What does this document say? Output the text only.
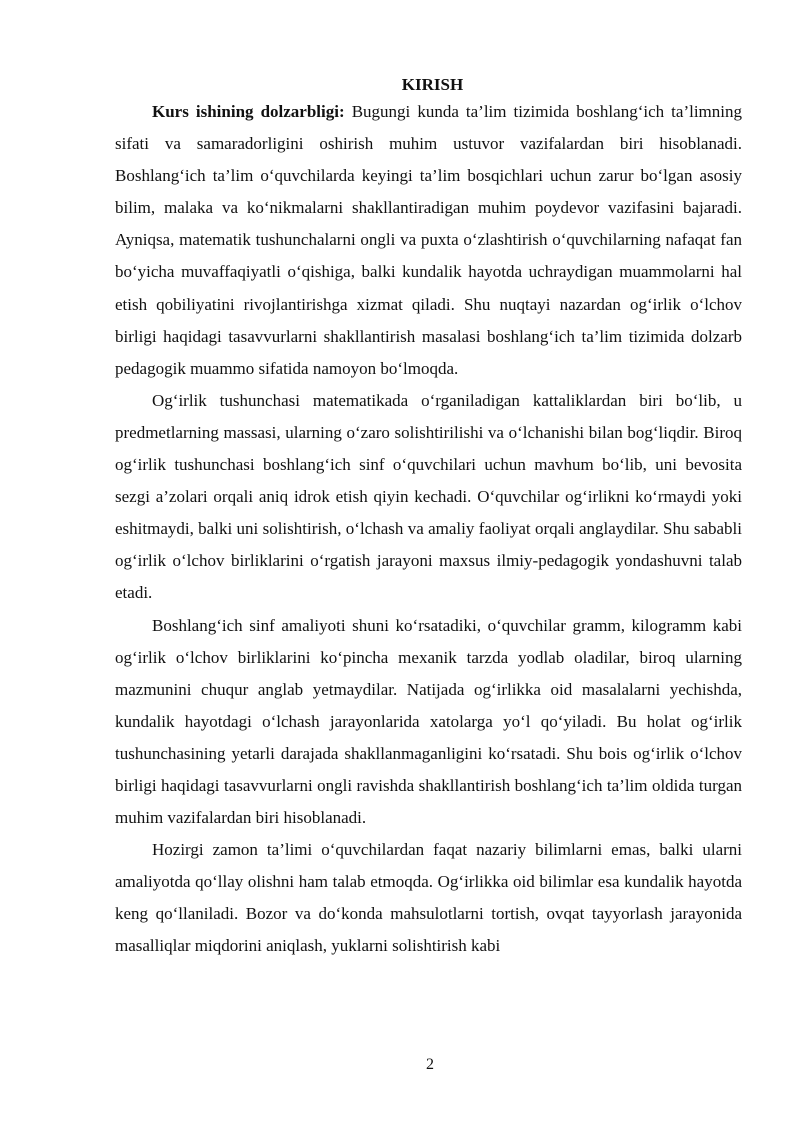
KIRISH

Kurs ishining dolzarbligi: Bugungi kunda ta’lim tizimida boshlang‘ich ta’limning sifati va samaradorligini oshirish muhim ustuvor vazifalardan biri hisoblanadi. Boshlang‘ich ta’lim o‘quvchilarda keyingi ta’lim bosqichlari uchun zarur bo‘lgan asosiy bilim, malaka va ko‘nikmalarni shakllantiradigan muhim poydevor vazifasini bajaradi. Ayniqsa, matematik tushunchalarni ongli va puxta o‘zlashtirish o‘quvchilarning nafaqat fan bo‘yicha muvaffaqiyatli o‘qishiga, balki kundalik hayotda uchraydigan muammolarni hal etish qobiliyatini rivojlantirishga xizmat qiladi. Shu nuqtayi nazardan og‘irlik o‘lchov birligi haqidagi tasavvurlarni shakllantirish masalasi boshlang‘ich ta’lim tizimida dolzarb pedagogik muammo sifatida namoyon bo‘lmoqda.

Og‘irlik tushunchasi matematikada o‘rganiladigan kattaliklardan biri bo‘lib, u predmetlarning massasi, ularning o‘zaro solishtirilishi va o‘lchanishi bilan bog‘liqdir. Biroq og‘irlik tushunchasi boshlang‘ich sinf o‘quvchilari uchun mavhum bo‘lib, uni bevosita sezgi a’zolari orqali aniq idrok etish qiyin kechadi. O‘quvchilar og‘irlikni ko‘rmaydi yoki eshitmaydi, balki uni solishtirish, o‘lchash va amaliy faoliyat orqali anglaydilar. Shu sababli og‘irlik o‘lchov birliklarini o‘rgatish jarayoni maxsus ilmiy-pedagogik yondashuvni talab etadi.

Boshlang‘ich sinf amaliyoti shuni ko‘rsatadiki, o‘quvchilar gramm, kilogramm kabi og‘irlik o‘lchov birliklarini ko‘pincha mexanik tarzda yodlab oladilar, biroq ularning mazmunini chuqur anglab yetmaydilar. Natijada og‘irlikka oid masalalarni yechishda, kundalik hayotdagi o‘lchash jarayonlarida xatolarga yo‘l qo‘yiladi. Bu holat og‘irlik tushunchasining yetarli darajada shakllanmaganligini ko‘rsatadi. Shu bois og‘irlik o‘lchov birligi haqidagi tasavvurlarni ongli ravishda shakllantirish boshlang‘ich ta’lim oldida turgan muhim vazifalardan biri hisoblanadi.

Hozirgi zamon ta’limi o‘quvchilardan faqat nazariy bilimlarni emas, balki ularni amaliyotda qo‘llay olishni ham talab etmoqda. Og‘irlikka oid bilimlar esa kundalik hayotda keng qo‘llaniladi. Bozor va do‘konda mahsulotlarni tortish, ovqat tayyorlash jarayonida masalliqlar miqdorini aniqlash, yuklarni solishtirish kabi

2
